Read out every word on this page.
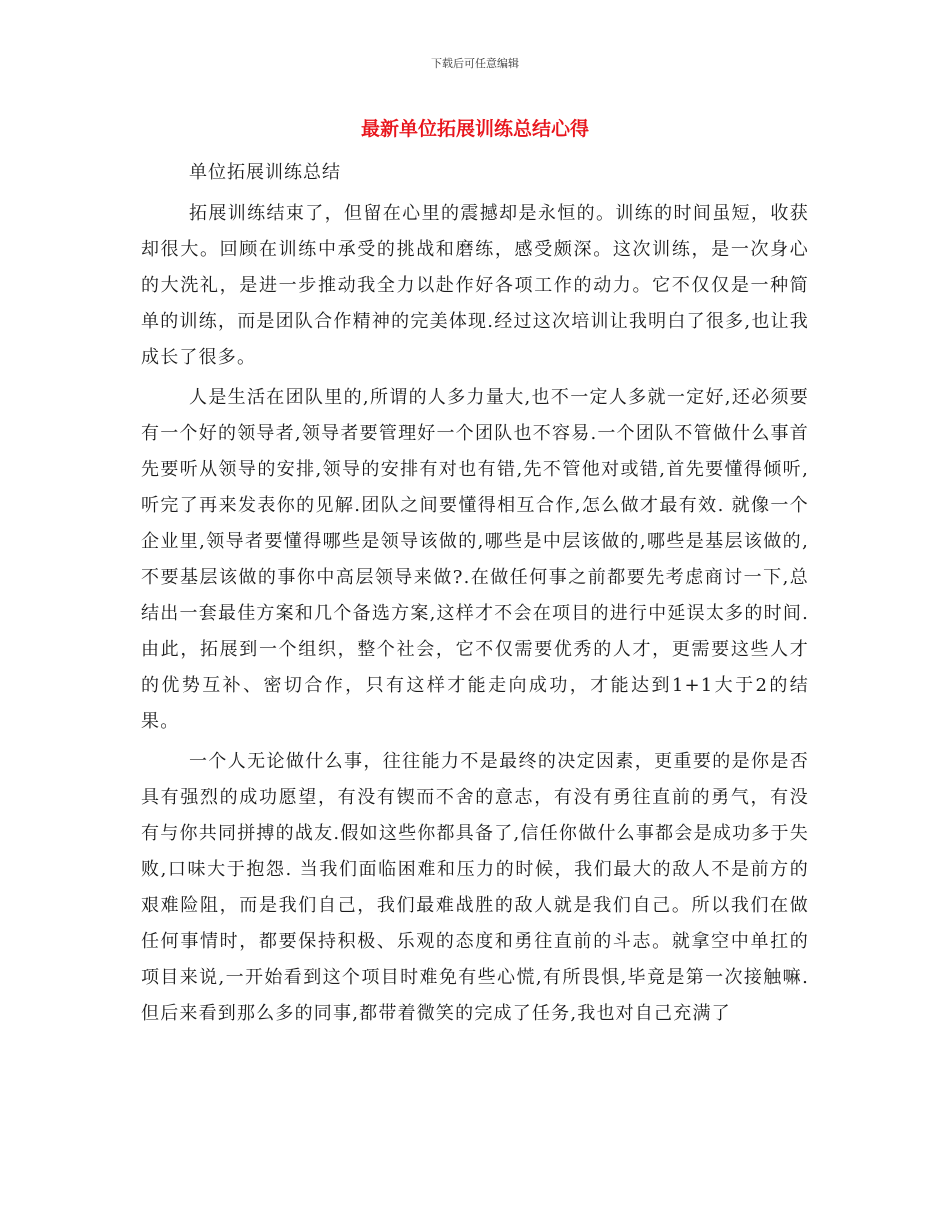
下载后可任意编辑
最新单位拓展训练总结心得

单位拓展训练总结

拓展训练结束了，但留在心里的震撼却是永恒的。训练的时间虽短，收获却很大。回顾在训练中承受的挑战和磨练，感受颇深。这次训练，是一次身心的大洗礼，是进一步推动我全力以赴作好各项工作的动力。它不仅仅是一种简单的训练，而是团队合作精神的完美体现.经过这次培训让我明白了很多,也让我成长了很多。

人是生活在团队里的,所谓的人多力量大,也不一定人多就一定好,还必须要有一个好的领导者,领导者要管理好一个团队也不容易.一个团队不管做什么事首先要听从领导的安排,领导的安排有对也有错,先不管他对或错,首先要懂得倾听,听完了再来发表你的见解.团队之间要懂得相互合作,怎么做才最有效. 就像一个企业里,领导者要懂得哪些是领导该做的,哪些是中层该做的,哪些是基层该做的,不要基层该做的事你中高层领导来做?.在做任何事之前都要先考虑商讨一下,总结出一套最佳方案和几个备选方案,这样才不会在项目的进行中延误太多的时间. 由此，拓展到一个组织，整个社会，它不仅需要优秀的人才，更需要这些人才的优势互补、密切合作，只有这样才能走向成功，才能达到1+1大于2的结果。

一个人无论做什么事，往往能力不是最终的决定因素，更重要的是你是否具有强烈的成功愿望，有没有锲而不舍的意志，有没有勇往直前的勇气，有没有与你共同拼搏的战友.假如这些你都具备了,信任你做什么事都会是成功多于失败,口味大于抱怨. 当我们面临困难和压力的时候，我们最大的敌人不是前方的艰难险阻，而是我们自己，我们最难战胜的敌人就是我们自己。所以我们在做任何事情时，都要保持积极、乐观的态度和勇往直前的斗志。就拿空中单扛的项目来说,一开始看到这个项目时难免有些心慌,有所畏惧,毕竟是第一次接触嘛.但后来看到那么多的同事,都带着微笑的完成了任务,我也对自己充满了
